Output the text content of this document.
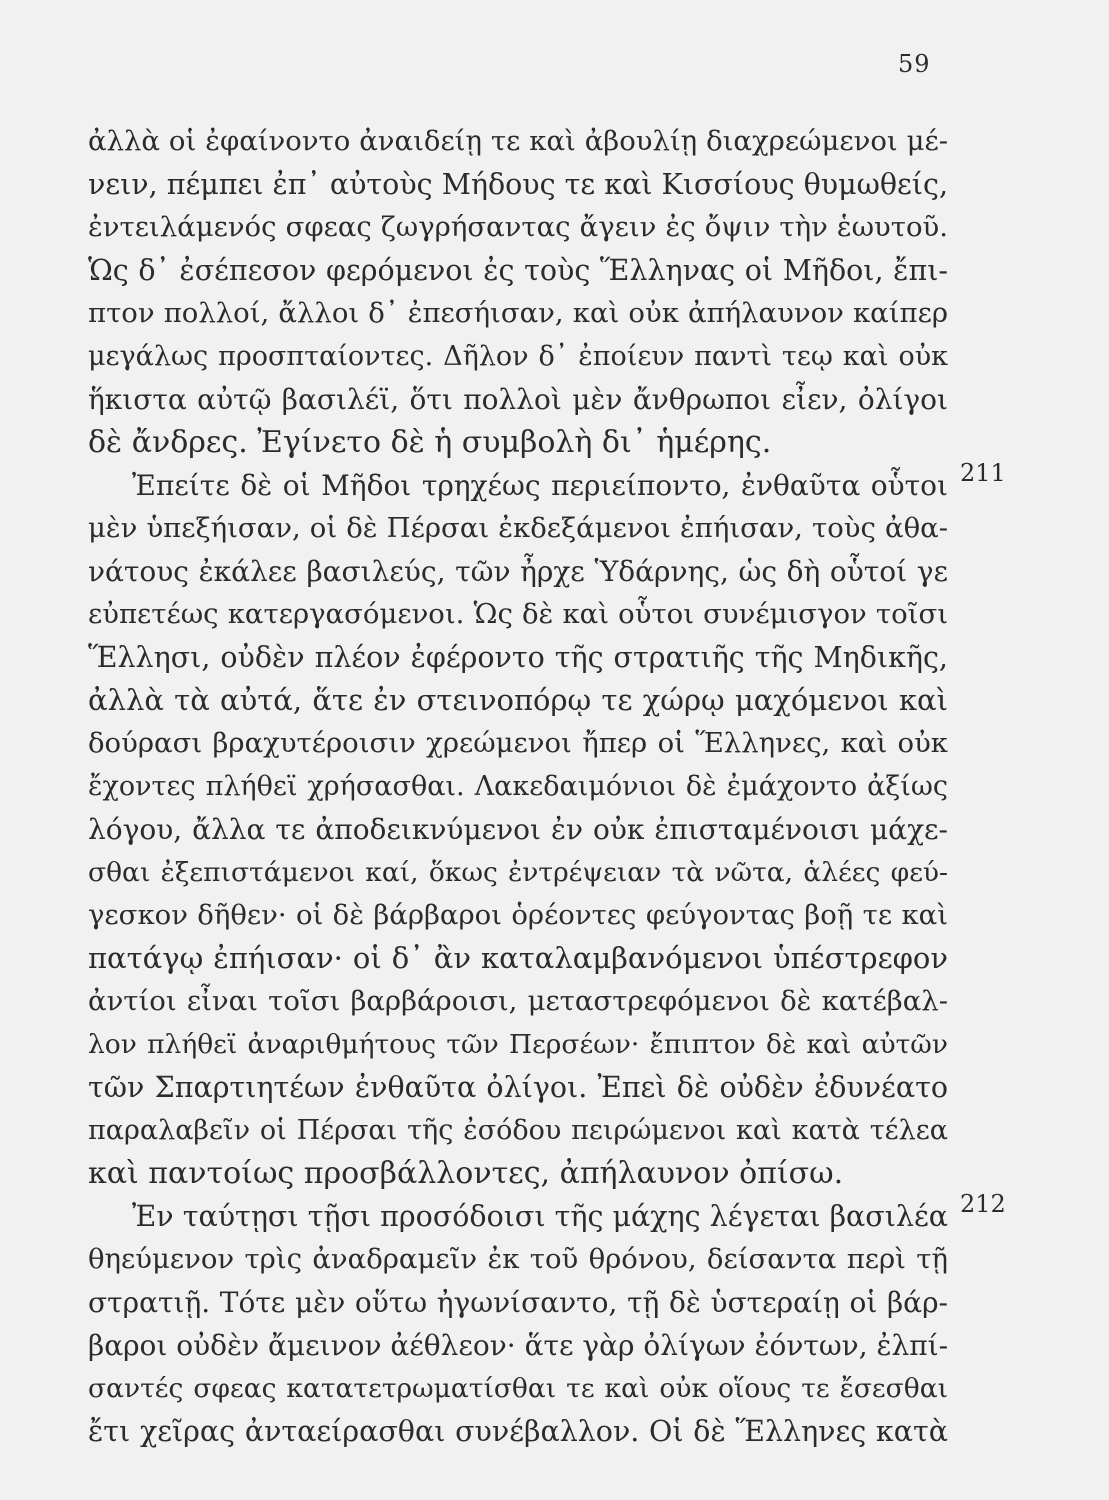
59
ἀλλὰ οἱ ἐφαίνοντο ἀναιδείῃ τε καὶ ἀβουλίῃ διαχρεώμενοι μέ-
νειν, πέμπει ἐπ᾽ αὐτοὺς Μήδους τε καὶ Κισσίους θυμωθείς,
ἐντειλάμενός σφεας ζωγρήσαντας ἄγειν ἐς ὄψιν τὴν ἑωυτοῦ.
Ὡς δ᾽ ἐσέπεσον φερόμενοι ἐς τοὺς Ἕλληνας οἱ Μῆδοι, ἔπι-
πτον πολλοί, ἄλλοι δ᾽ ἐπεσήισαν, καὶ οὐκ ἀπήλαυνον καίπερ
μεγάλως προσπταίοντες. Δῆλον δ᾽ ἐποίευν παντὶ τεῳ καὶ οὐκ
ἥκιστα αὐτῷ βασιλέϊ, ὅτι πολλοὶ μὲν ἄνθρωποι εἶεν, ὀλίγοι
δὲ ἄνδρες. Ἐγίνετο δὲ ἡ συμβολὴ δι᾽ ἡμέρης.
Ἐπείτε δὲ οἱ Μῆδοι τρηχέως περιείποντο, ἐνθαῦτα οὗτοι 211
μὲν ὑπεξήισαν, οἱ δὲ Πέρσαι ἐκδεξάμενοι ἐπήισαν, τοὺς ἀθα-
νάτους ἐκάλεε βασιλεύς, τῶν ἦρχε Ὑδάρνης, ὡς δὴ οὗτοί γε
εὐπετέως κατεργασόμενοι. Ὡς δὲ καὶ οὗτοι συνέμισγον τοῖσι
Ἕλλησι, οὐδὲν πλέον ἐφέροντο τῆς στρατιῆς τῆς Μηδικῆς,
ἀλλὰ τὰ αὐτά, ἅτε ἐν στεινοπόρῳ τε χώρῳ μαχόμενοι καὶ
δούρασι βραχυτέροισιν χρεώμενοι ἤπερ οἱ Ἕλληνες, καὶ οὐκ
ἔχοντες πλήθεϊ χρήσασθαι. Λακεδαιμόνιοι δὲ ἐμάχοντο ἀξίως
λόγου, ἄλλα τε ἀποδεικνύμενοι ἐν οὐκ ἐπισταμένοισι μάχε-
σθαι ἐξεπιστάμενοι καί, ὅκως ἐντρέψειαν τὰ νῶτα, ἁλέες φεύ-
γεσκον δῆθεν· οἱ δὲ βάρβαροι ὁρέοντες φεύγοντας βοῇ τε καὶ
πατάγῳ ἐπήισαν· οἱ δ᾽ ἂν καταλαμβανόμενοι ὑπέστρεφον
ἀντίοι εἶναι τοῖσι βαρβάροισι, μεταστρεφόμενοι δὲ κατέβαλ-
λον πλήθεϊ ἀναριθμήτους τῶν Περσέων· ἔπιπτον δὲ καὶ αὐτῶν
τῶν Σπαρτιητέων ἐνθαῦτα ὀλίγοι. Ἐπεὶ δὲ οὐδὲν ἐδυνέατο
παραλαβεῖν οἱ Πέρσαι τῆς ἐσόδου πειρώμενοι καὶ κατὰ τέλεα
καὶ παντοίως προσβάλλοντες, ἀπήλαυνον ὀπίσω.
Ἐν ταύτῃσι τῇσι προσόδοισι τῆς μάχης λέγεται βασιλέα 212
θηεύμενον τρὶς ἀναδραμεῖν ἐκ τοῦ θρόνου, δείσαντα περὶ τῇ
στρατιῇ. Τότε μὲν οὕτω ἠγωνίσαντο, τῇ δὲ ὑστεραίῃ οἱ βάρ-
βαροι οὐδὲν ἄμεινον ἀέθλεον· ἅτε γὰρ ὀλίγων ἐόντων, ἐλπί-
σαντές σφεας κατατετρωματίσθαι τε καὶ οὐκ οἵους τε ἔσεσθαι
ἔτι χεῖρας ἀνταείρασθαι συνέβαλλον. Οἱ δὲ Ἕλληνες κατὰ
